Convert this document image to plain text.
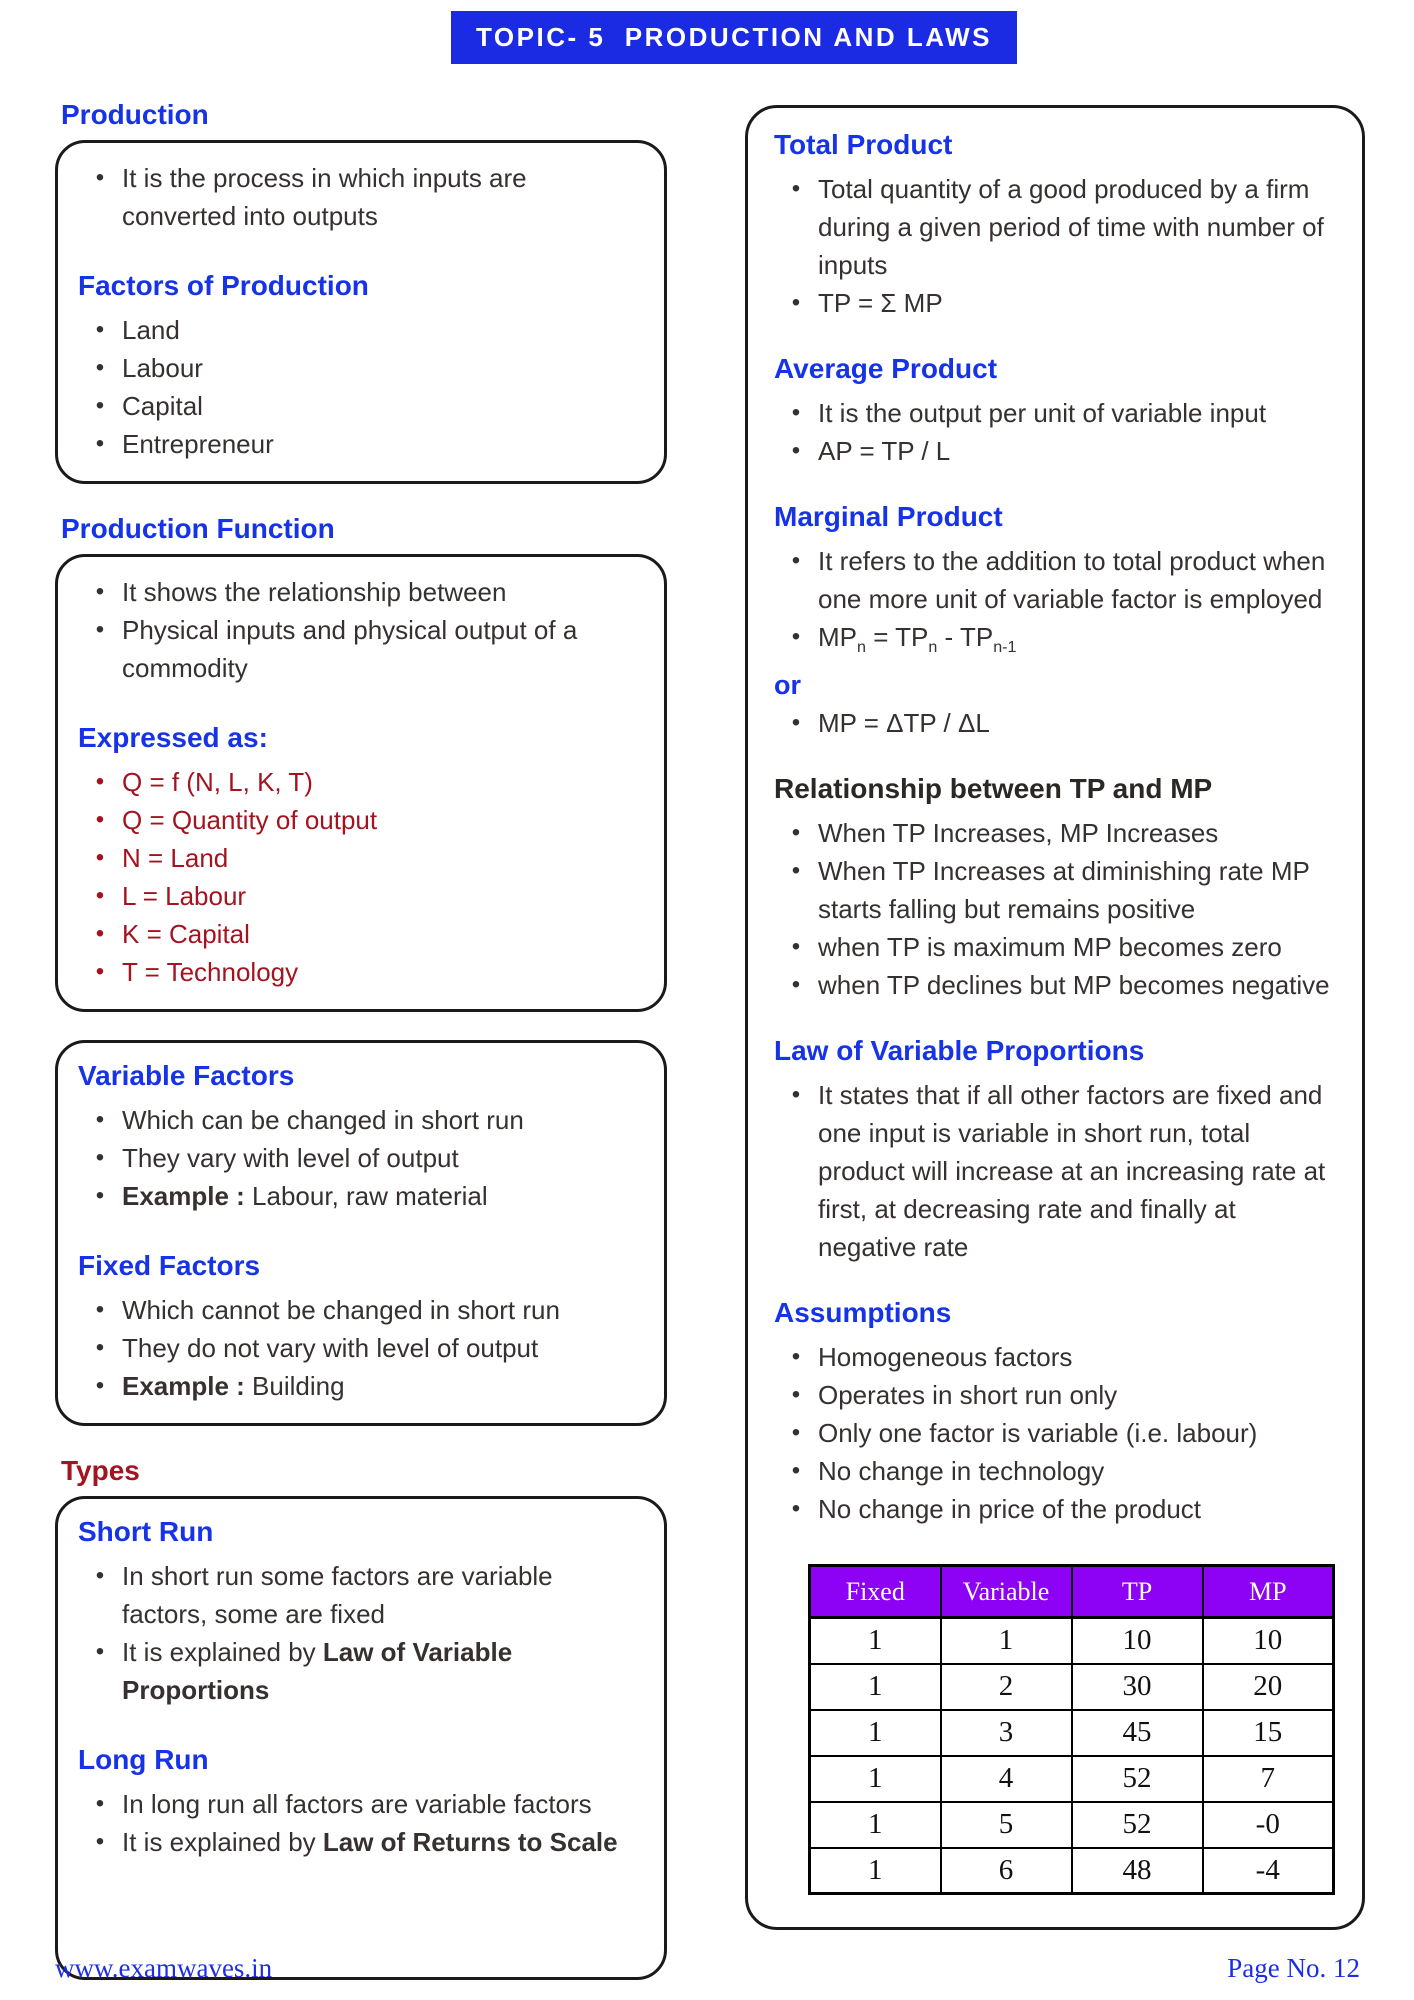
TOPIC- 5  PRODUCTION AND LAWS
Production
•
It is the process in which inputs are converted into outputs
Factors of Production
•
Land
•
Labour
•
Capital
•
Entrepreneur
Production Function
•
It shows the relationship between
•
Physical inputs and physical output of a commodity
Expressed as:
•
Q = f (N, L, K, T)
•
Q = Quantity of output
•
N = Land
•
L = Labour
•
K = Capital
•
T = Technology
Variable Factors
•
Which can be changed in short run
•
They vary with level of output
•
Example : Labour, raw material
Fixed Factors
•
Which cannot be changed in short run
•
They do not vary with level of output
•
Example : Building
Types
Short Run
•
In short run some factors are variable factors, some are fixed
•
It is explained by Law of Variable Proportions
Long Run
•
In long run all factors are variable factors
•
It is explained by Law of Returns to Scale
Total Product
•
Total quantity of a good produced by a firm during a given period of time with number of inputs
•
TP = Σ MP
Average Product
•
It is the output per unit of variable input
•
AP = TP / L
Marginal Product
•
It refers to the addition to total product when one more unit of variable factor is employed
•
$MP_n = TP_n - TP_{n-1}$
or
•
MP = ΔTP / ΔL
Relationship between TP and MP
•
When TP Increases, MP Increases
•
When TP Increases at diminishing rate MP starts falling but remains positive
•
when TP is maximum MP becomes zero
•
when TP declines but MP becomes negative
Law of Variable Proportions
•
It states that if all other factors are fixed and one input is variable in short run, total product will increase at an increasing rate at first, at decreasing rate and finally at negative rate
Assumptions
•
Homogeneous factors
•
Operates in short run only
•
Only one factor is variable (i.e. labour)
•
No change in technology
•
No change in price of the product
Fixed	Variable	TP	MP
1	1	10	10
1	2	30	20
1	3	45	15
1	4	52	7
1	5	52	-0
1	6	48	-4
www.examwaves.in	Page No. 12
